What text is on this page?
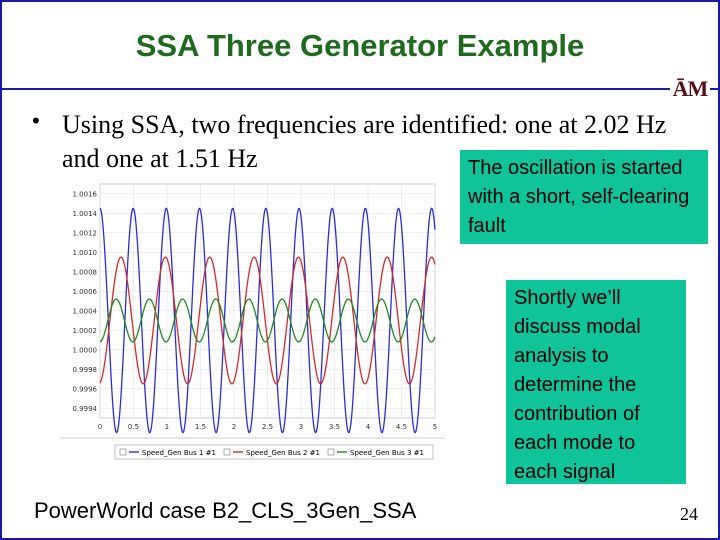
SSA Three Generator Example
ĀM
• Using SSA, two frequencies are identified: one at 2.02 Hz and one at 1.51 Hz
0	0.5	1	1.5	2	2.5	3	3.5	4	4.5	5
1.0016
1.0014
1.0012
1.0010
1.0008
1.0006
1.0004
1.0002
1.0000
0.9998
0.9996
0.9994
Speed_Gen Bus 1 #1	Speed_Gen Bus 2 #1	Speed_Gen Bus 3 #1
The oscillation is started with a short, self-clearing fault
Shortly we’ll discuss modal analysis to determine the contribution of each mode to each signal
PowerWorld case B2_CLS_3Gen_SSA	24
